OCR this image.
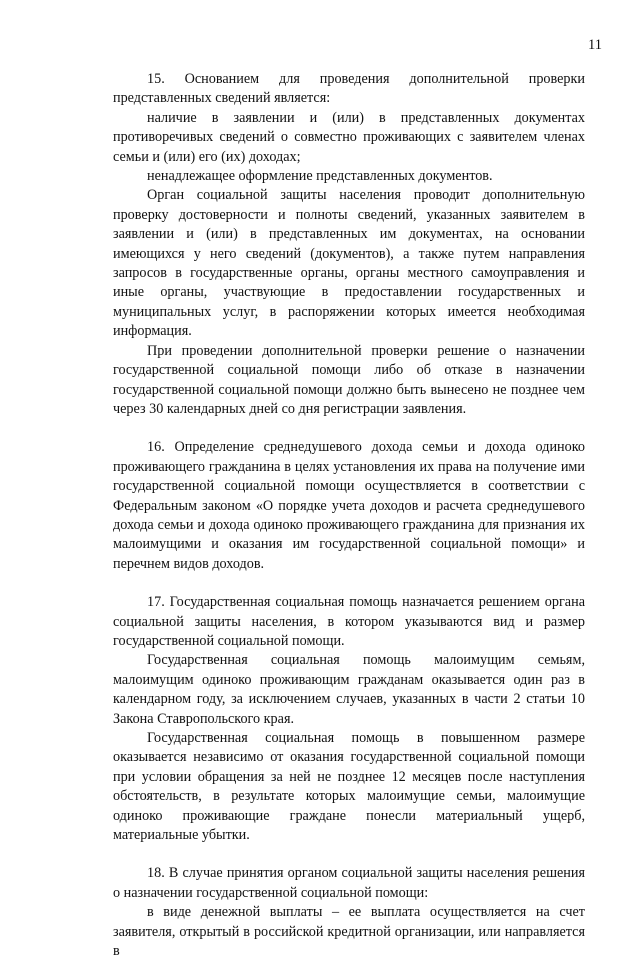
11

15. Основанием для проведения дополнительной проверки представленных сведений является:

наличие в заявлении и (или) в представленных документах противоречивых сведений о совместно проживающих с заявителем членах семьи и (или) его (их) доходах;

ненадлежащее оформление представленных документов.

Орган социальной защиты населения проводит дополнительную проверку достоверности и полноты сведений, указанных заявителем в заявлении и (или) в представленных им документах, на основании имеющихся у него сведений (документов), а также путем направления запросов в государственные органы, органы местного самоуправления и иные органы, участвующие в предоставлении государственных и муниципальных услуг, в распоряжении которых имеется необходимая информация.

При проведении дополнительной проверки решение о назначении государственной социальной помощи либо об отказе в назначении государственной социальной помощи должно быть вынесено не позднее чем через 30 календарных дней со дня регистрации заявления.

16. Определение среднедушевого дохода семьи и дохода одиноко проживающего гражданина в целях установления их права на получение ими государственной социальной помощи осуществляется в соответствии с Федеральным законом «О порядке учета доходов и расчета среднедушевого дохода семьи и дохода одиноко проживающего гражданина для признания их малоимущими и оказания им государственной социальной помощи» и перечнем видов доходов.

17. Государственная социальная помощь назначается решением органа социальной защиты населения, в котором указываются вид и размер государственной социальной помощи.

Государственная социальная помощь малоимущим семьям, малоимущим одиноко проживающим гражданам оказывается один раз в календарном году, за исключением случаев, указанных в части 2 статьи 10 Закона Ставропольского края.

Государственная социальная помощь в повышенном размере оказывается независимо от оказания государственной социальной помощи при условии обращения за ней не позднее 12 месяцев после наступления обстоятельств, в результате которых малоимущие семьи, малоимущие одиноко проживающие граждане понесли материальный ущерб, материальные убытки.

18. В случае принятия органом социальной защиты населения решения о назначении государственной социальной помощи:

в виде денежной выплаты – ее выплата осуществляется на счет заявителя, открытый в российской кредитной организации, или направляется в
